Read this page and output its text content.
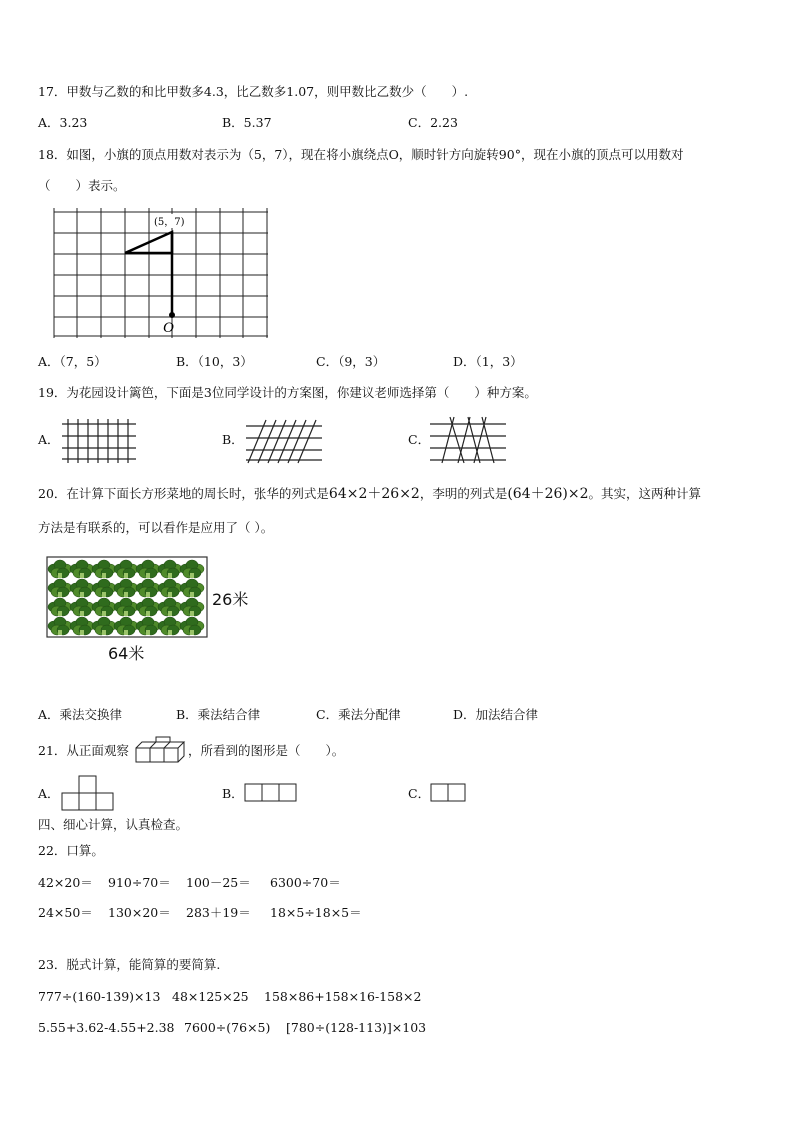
17．甲数与乙数的和比甲数多4.3，比乙数多1.07，则甲数比乙数少（　　）.
A．3.23	B．5.37	C．2.23
18．如图，小旗的顶点用数对表示为（5，7），现在将小旗绕点O，顺时针方向旋转90°，现在小旗的顶点可以用数对
（　　）表示。
(5，7)
O
A．（7，5）	B．（10，3）	C．（9，3）	D．（1，3）
19．为花园设计篱笆，下面是3位同学设计的方案图，你建议老师选择第（　　）种方案。
A．	B．	C．
20．在计算下面长方形菜地的周长时，张华的列式是64×2＋26×2，李明的列式是(64＋26)×2。其实，这两种计算
方法是有联系的，可以看作是应用了（ ）。
26米
64米
A．乘法交换律	B．乘法结合律	C．乘法分配律	D．加法结合律
21．从正面观察	，所看到的图形是（　　）。
A．	B．	C．
四、细心计算，认真检查。
22．口算。
42×20＝ 910÷70＝ 100－25＝ 6300÷70＝
24×50＝ 130×20＝ 283＋19＝ 18×5÷18×5＝
23．脱式计算，能简算的要简算.
777÷(160-139)×13 48×125×25 158×86+158×16-158×2
5.55+3.62-4.55+2.38 7600÷(76×5) [780÷(128-113)]×103
